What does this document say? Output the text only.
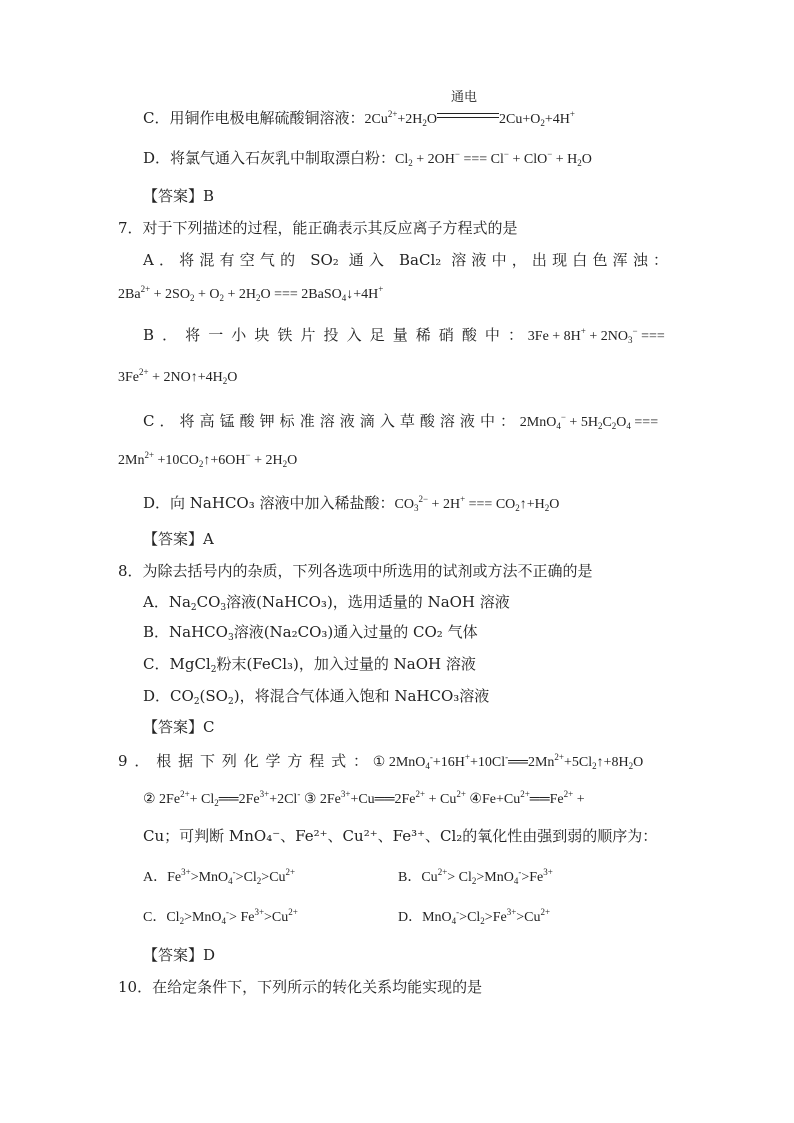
C．用铜作电极电解硫酸铜溶液：$2Cu^{2+}+2H_2O$
通电
$2Cu+O_2+4H^+$
D．将氯气通入石灰乳中制取漂白粉：$Cl_2 + 2OH^-$ === $Cl^- + ClO^- + H_2O$
【答案】B
7．对于下列描述的过程，能正确表示其反应离子方程式的是
A．将混有空气的 SO₂ 通入 BaCl₂ 溶液中，出现白色浑浊：
$2Ba^{2+} + 2SO_2 + O_2 + 2H_2O$ === 2BaSO$_4$↓+4H+
B．将一小块铁片投入足量稀硝酸中： $3Fe + 8H^+ + 2NO_3^-$ ===
$3Fe^{2+}$ + $2NO↑+4H_2O$
C．将高锰酸钾标准溶液滴入草酸溶液中： $2MnO_4^- + 5H_2C_2O_4$ ===
$2Mn^{2+}$ $+10CO_2↑+6OH^- + 2H_2O$
D．向 NaHCO₃ 溶液中加入稀盐酸：$CO_3^{2-} + 2H^+$ === $CO_2↑+H_2O$
【答案】A
8．为除去括号内的杂质，下列各选项中所选用的试剂或方法不正确的是
A．$Na_2CO_3$溶液(NaHCO₃)，选用适量的 NaOH 溶液
B．NaHCO$_3$溶液(Na₂CO₃)通入过量的 CO₂ 气体
C．MgCl$_2$粉末(FeCl₃)，加入过量的 NaOH 溶液
D．$CO_2(SO_2)$，将混合气体通入饱和 NaHCO₃溶液
【答案】C
9．根据下列化学方程式： ① $2MnO_4^-+16H^++10Cl^-══2Mn^{2+}+5Cl_2↑+8H_2O$
② $2Fe^{2+}+$ $Cl_2══2Fe^{3+}+2Cl^-$ ③ $2Fe^{3+}+Cu══2Fe^{2+} + Cu^{2+}$ $④Fe+Cu^{2+}══Fe^{2+}$ +
Cu；可判断 MnO₄⁻、Fe²⁺、Cu²⁺、Fe³⁺、Cl₂的氧化性由强到弱的顺序为：
A．$Fe^{3+}>MnO_4^->Cl_2>Cu^{2+}$	B．$Cu^{2+}> Cl_2>MnO_4^->Fe^{3+}$
C．$Cl_2>MnO_4^-> Fe^{3+}>Cu^{2+}$	D．$MnO_4^->Cl_2>Fe^{3+}>Cu^{2+}$
【答案】D
10．在给定条件下，下列所示的转化关系均能实现的是
